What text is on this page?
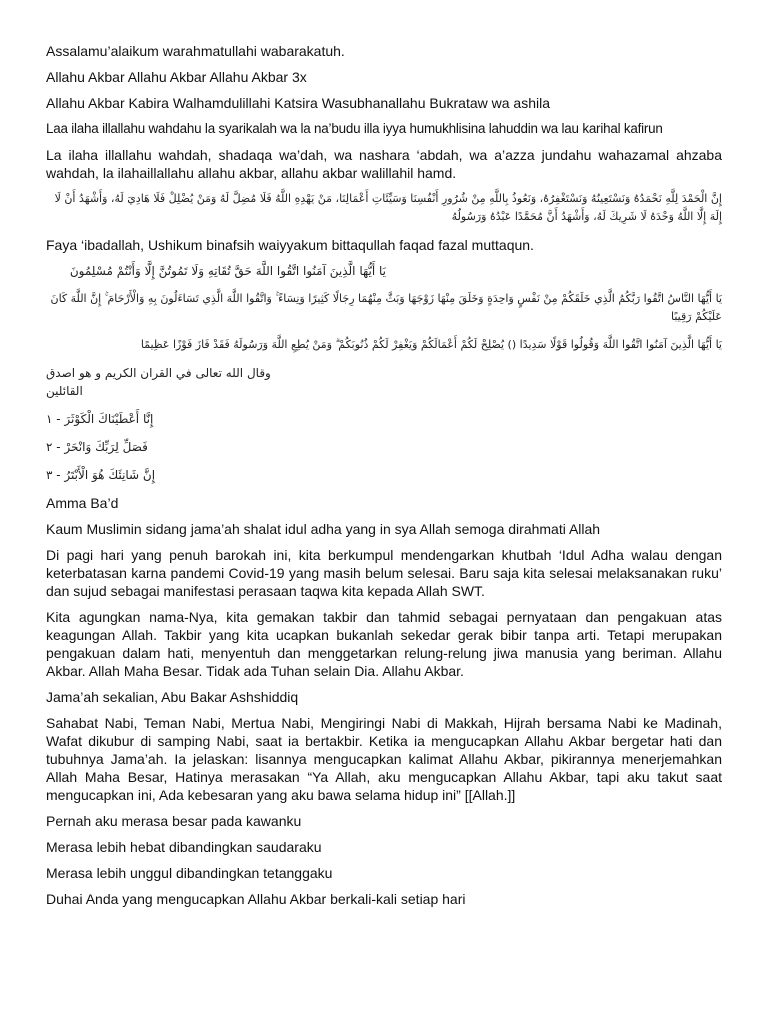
Assalamu’alaikum warahmatullahi wabarakatuh.

Allahu Akbar Allahu Akbar Allahu Akbar 3x

Allahu Akbar Kabira Walhamdulillahi Katsira Wasubhanallahu Bukrataw wa ashila

Laa ilaha illallahu wahdahu la syarikalah wa la na’budu illa iyya humukhlisina lahuddin wa lau karihal kafirun

La ilaha illallahu wahdah, shadaqa wa’dah, wa nashara ‘abdah, wa a’azza jundahu wahazamal ahzaba wahdah, la ilahaillallahu allahu akbar, allahu akbar walillahil hamd.

إِنَّ الْحَمْدَ لِلَّهِ نَحْمَدُهُ وَنَسْتَعِينُهُ وَنَسْتَغْفِرُهُ، وَنَعُوذُ بِاللَّهِ مِنْ شُرُورِ أَنْفُسِنَا وَسَيِّئَاتِ أَعْمَالِنَا، مَنْ يَهْدِهِ اللَّهُ فَلَا مُضِلَّ لَهُ وَمَنْ يُضْلِلْ فَلَا هَادِيَ لَهُ، وَأَشْهَدُ أَنْ لَا إِلَهَ إِلَّا اللَّهُ وَحْدَهُ لَا شَرِيكَ لَهُ، وَأَشْهَدُ أَنَّ مُحَمَّدًا عَبْدُهُ وَرَسُولُهُ

Faya ‘ibadallah, Ushikum binafsih waiyyakum bittaqullah faqad fazal muttaqun.

يَا أَيُّهَا الَّذِينَ آمَنُوا اتَّقُوا اللَّهَ حَقَّ تُقَاتِهِ وَلَا تَمُوتُنَّ إِلَّا وَأَنْتُمْ مُسْلِمُونَ

يَا أَيُّهَا النَّاسُ اتَّقُوا رَبَّكُمُ الَّذِي خَلَقَكُمْ مِنْ نَفْسٍ وَاحِدَةٍ وَخَلَقَ مِنْهَا زَوْجَهَا وَبَثَّ مِنْهُمَا رِجَالًا كَثِيرًا وَنِسَاءً ۚ وَاتَّقُوا اللَّهَ الَّذِي تَسَاءَلُونَ بِهِ وَالْأَرْحَامَ ۚ إِنَّ اللَّهَ كَانَ عَلَيْكُمْ رَقِيبًا

يَا أَيُّهَا الَّذِينَ آمَنُوا اتَّقُوا اللَّهَ وَقُولُوا قَوْلًا سَدِيدًا () يُصْلِحْ لَكُمْ أَعْمَالَكُمْ وَيَغْفِرْ لَكُمْ ذُنُوبَكُمْ ۗ وَمَنْ يُطِعِ اللَّهَ وَرَسُولَهُ فَقَدْ فَازَ فَوْزًا عَظِيمًا

وقال الله تعالى في القران الكريم و هو اصدق القائلين

إِنَّا أَعْطَيْنَاكَ الْكَوْثَرَ - ١

فَصَلِّ لِرَبِّكَ وَانْحَرْ - ٢

إِنَّ شَانِئَكَ هُوَ الْأَبْتَرُ - ٣

Amma Ba’d

Kaum Muslimin sidang jama’ah shalat idul adha yang in sya Allah semoga dirahmati Allah

Di pagi hari yang penuh barokah ini, kita berkumpul mendengarkan khutbah ‘Idul Adha walau dengan keterbatasan karna pandemi Covid-19 yang masih belum selesai. Baru saja kita selesai melaksanakan ruku’ dan sujud sebagai manifestasi perasaan taqwa kita kepada Allah SWT.

Kita agungkan nama-Nya, kita gemakan takbir dan tahmid sebagai pernyataan dan pengakuan atas keagungan Allah. Takbir yang kita ucapkan bukanlah sekedar gerak bibir tanpa arti. Tetapi merupakan pengakuan dalam hati, menyentuh dan menggetarkan relung-relung jiwa manusia yang beriman. Allahu Akbar. Allah Maha Besar. Tidak ada Tuhan selain Dia. Allahu Akbar.

Jama’ah sekalian, Abu Bakar Ashshiddiq

Sahabat Nabi, Teman Nabi, Mertua Nabi, Mengiringi Nabi di Makkah, Hijrah bersama Nabi ke Madinah, Wafat dikubur di samping Nabi, saat ia bertakbir. Ketika ia mengucapkan Allahu Akbar bergetar hati dan tubuhnya Jama’ah. Ia jelaskan: lisannya mengucapkan kalimat Allahu Akbar, pikirannya menerjemahkan Allah Maha Besar, Hatinya merasakan “Ya Allah, aku mengucapkan Allahu Akbar, tapi aku takut saat mengucapkan ini, Ada kebesaran yang aku bawa selama hidup ini” [[Allah.]]

Pernah aku merasa besar pada kawanku

Merasa lebih hebat dibandingkan saudaraku

Merasa lebih unggul dibandingkan tetanggaku

Duhai Anda yang mengucapkan Allahu Akbar berkali-kali setiap hari
